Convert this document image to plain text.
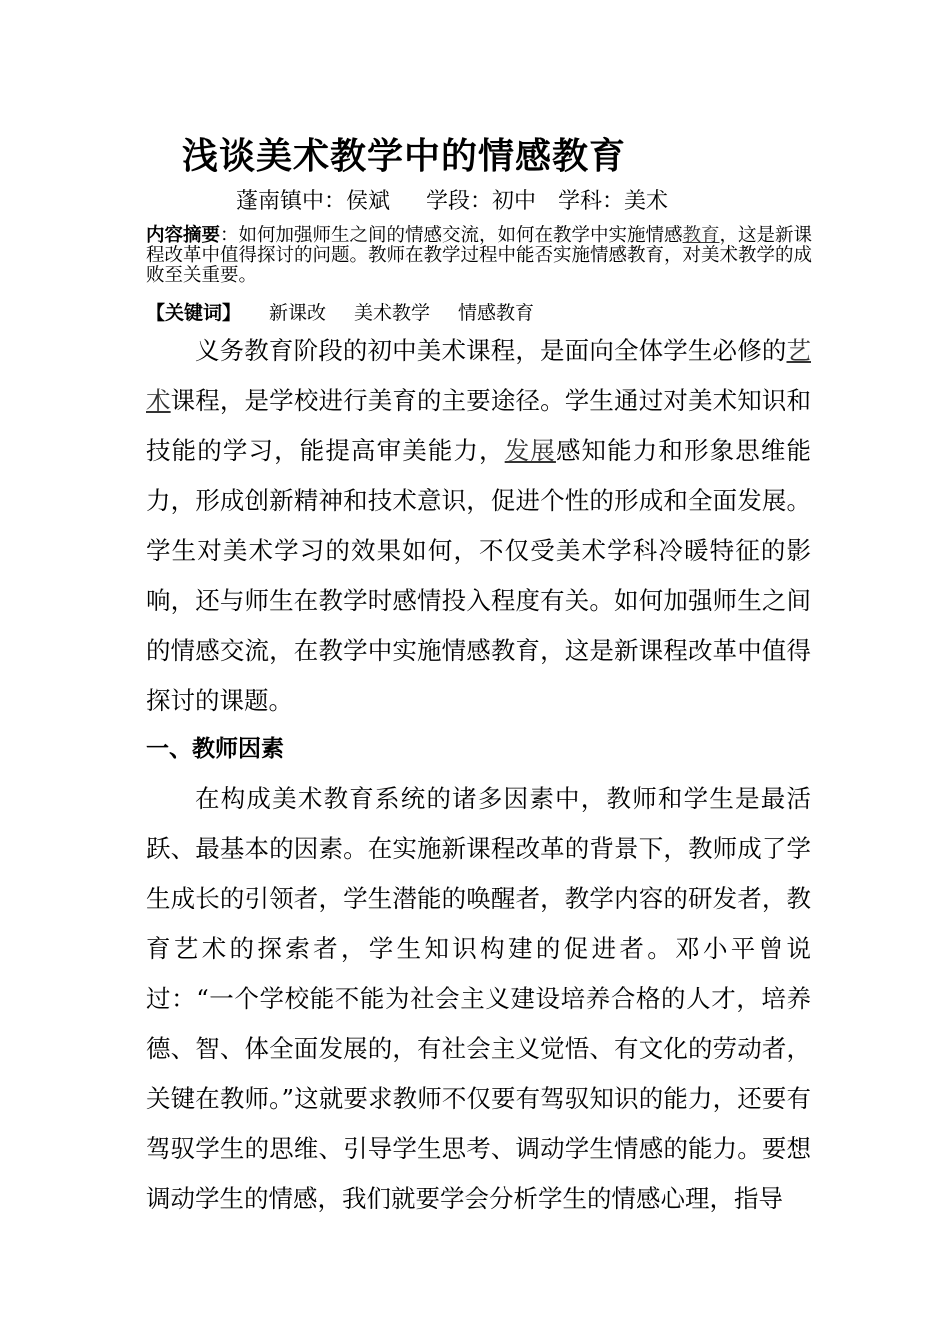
浅谈美术教学中的情感教育
蓬南镇中：侯斌 学段：初中 学科：美术

内容摘要：如何加强师生之间的情感交流，如何在教学中实施情感教育，这是新课程改革中值得探讨的问题。教师在教学过程中能否实施情感教育，对美术教学的成败至关重要。

【关键词】 新课改 美术教学 情感教育

义务教育阶段的初中美术课程，是面向全体学生必修的艺术课程，是学校进行美育的主要途径。学生通过对美术知识和技能的学习，能提高审美能力，发展感知能力和形象思维能力，形成创新精神和技术意识，促进个性的形成和全面发展。学生对美术学习的效果如何，不仅受美术学科冷暖特征的影响，还与师生在教学时感情投入程度有关。如何加强师生之间的情感交流，在教学中实施情感教育，这是新课程改革中值得探讨的课题。

一、教师因素

在构成美术教育系统的诸多因素中，教师和学生是最活跃、最基本的因素。在实施新课程改革的背景下，教师成了学生成长的引领者，学生潜能的唤醒者，教学内容的研发者，教育艺术的探索者，学生知识构建的促进者。邓小平曾说过：“一个学校能不能为社会主义建设培养合格的人才，培养德、智、体全面发展的，有社会主义觉悟、有文化的劳动者，关键在教师。”这就要求教师不仅要有驾驭知识的能力，还要有驾驭学生的思维、引导学生思考、调动学生情感的能力。要想调动学生的情感，我们就要学会分析学生的情感心理，指导
